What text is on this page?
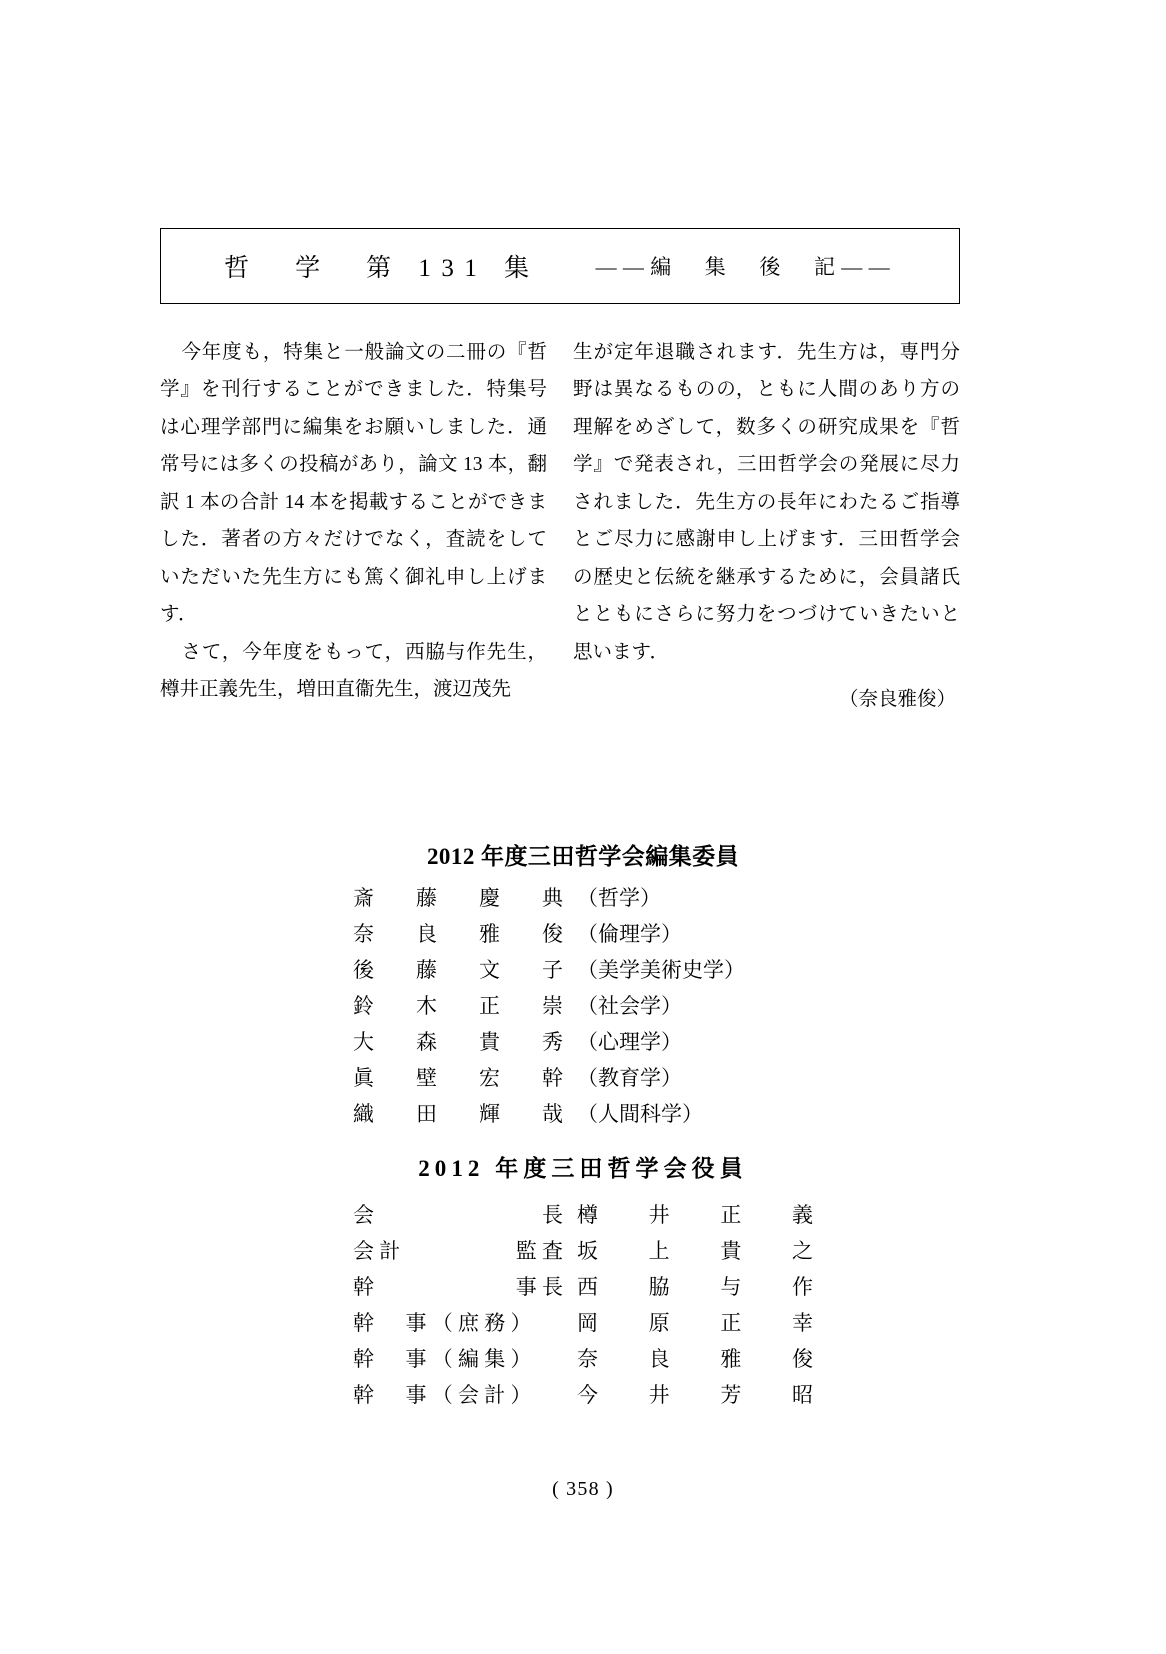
哲　学　第 131 集	——編　集　後　記——

今年度も，特集と一般論文の二冊の『哲学』を刊行することができました．特集号は心理学部門に編集をお願いしました．通常号には多くの投稿があり，論文 13 本，翻訳 1 本の合計 14 本を掲載することができました．著者の方々だけでなく，査読をしていただいた先生方にも篤く御礼申し上げます．

さて，今年度をもって，西脇与作先生，樽井正義先生，増田直衞先生，渡辺茂先

生が定年退職されます．先生方は，専門分野は異なるものの，ともに人間のあり方の理解をめざして，数多くの研究成果を『哲学』で発表され，三田哲学会の発展に尽力されました．先生方の長年にわたるご指導とご尽力に感謝申し上げます．三田哲学会の歴史と伝統を継承するために，会員諸氏とともにさらに努力をつづけていきたいと思います．

（奈良雅俊）
2012 年度三田哲学会編集委員
斎 藤 慶 典 （哲学）
奈 良 雅 俊 （倫理学）
後 藤 文 子 （美学美術史学）
鈴 木 正 崇 （社会学）
大 森 貴 秀 （心理学）
眞 壁 宏 幹 （教育学）
織 田 輝 哉 （人間科学）
2012 年度三田哲学会役員
会	長 樽 井 正 義
会 計	監 査 坂 上 貴 之
幹	事 長 西 脇 与 作
幹　事（庶務）	岡 原 正 幸
幹　事（編集）	奈 良 雅 俊
幹　事（会計）	今 井 芳 昭
( 358 )
